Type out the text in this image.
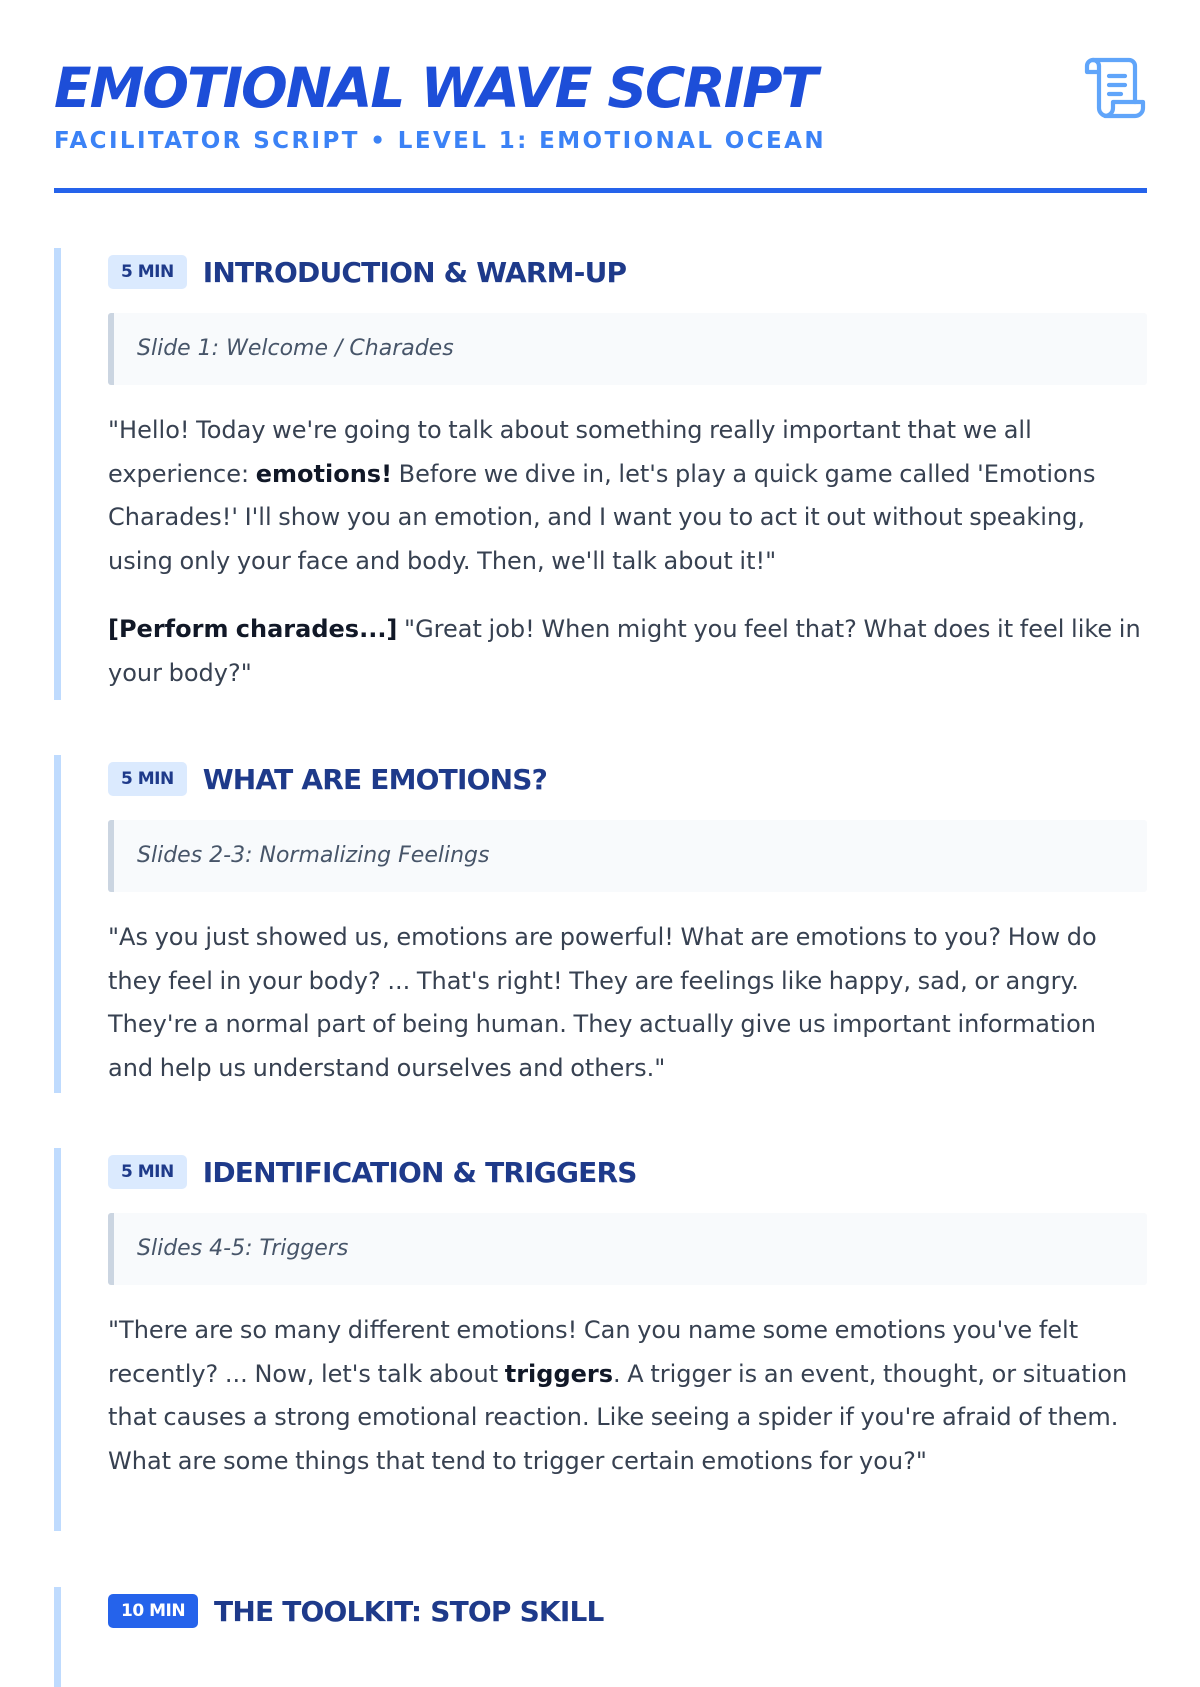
EMOTIONAL WAVE SCRIPT
FACILITATOR SCRIPT • LEVEL 1: EMOTIONAL OCEAN
5 MIN	INTRODUCTION & WARM-UP
Slide 1: Welcome / Charades

"Hello! Today we're going to talk about something really important that we all experience: emotions! Before we dive in, let's play a quick game called 'Emotions Charades!' I'll show you an emotion, and I want you to act it out without speaking, using only your face and body. Then, we'll talk about it!"

[Perform charades...] "Great job! When might you feel that? What does it feel like in your body?"

5 MIN	WHAT ARE EMOTIONS?
Slides 2-3: Normalizing Feelings

"As you just showed us, emotions are powerful! What are emotions to you? How do they feel in your body? ... That's right! They are feelings like happy, sad, or angry. They're a normal part of being human. They actually give us important information and help us understand ourselves and others."

5 MIN	IDENTIFICATION & TRIGGERS
Slides 4-5: Triggers

"There are so many different emotions! Can you name some emotions you've felt recently? ... Now, let's talk about triggers. A trigger is an event, thought, or situation that causes a strong emotional reaction. Like seeing a spider if you're afraid of them. What are some things that tend to trigger certain emotions for you?"

10 MIN	THE TOOLKIT: STOP SKILL
